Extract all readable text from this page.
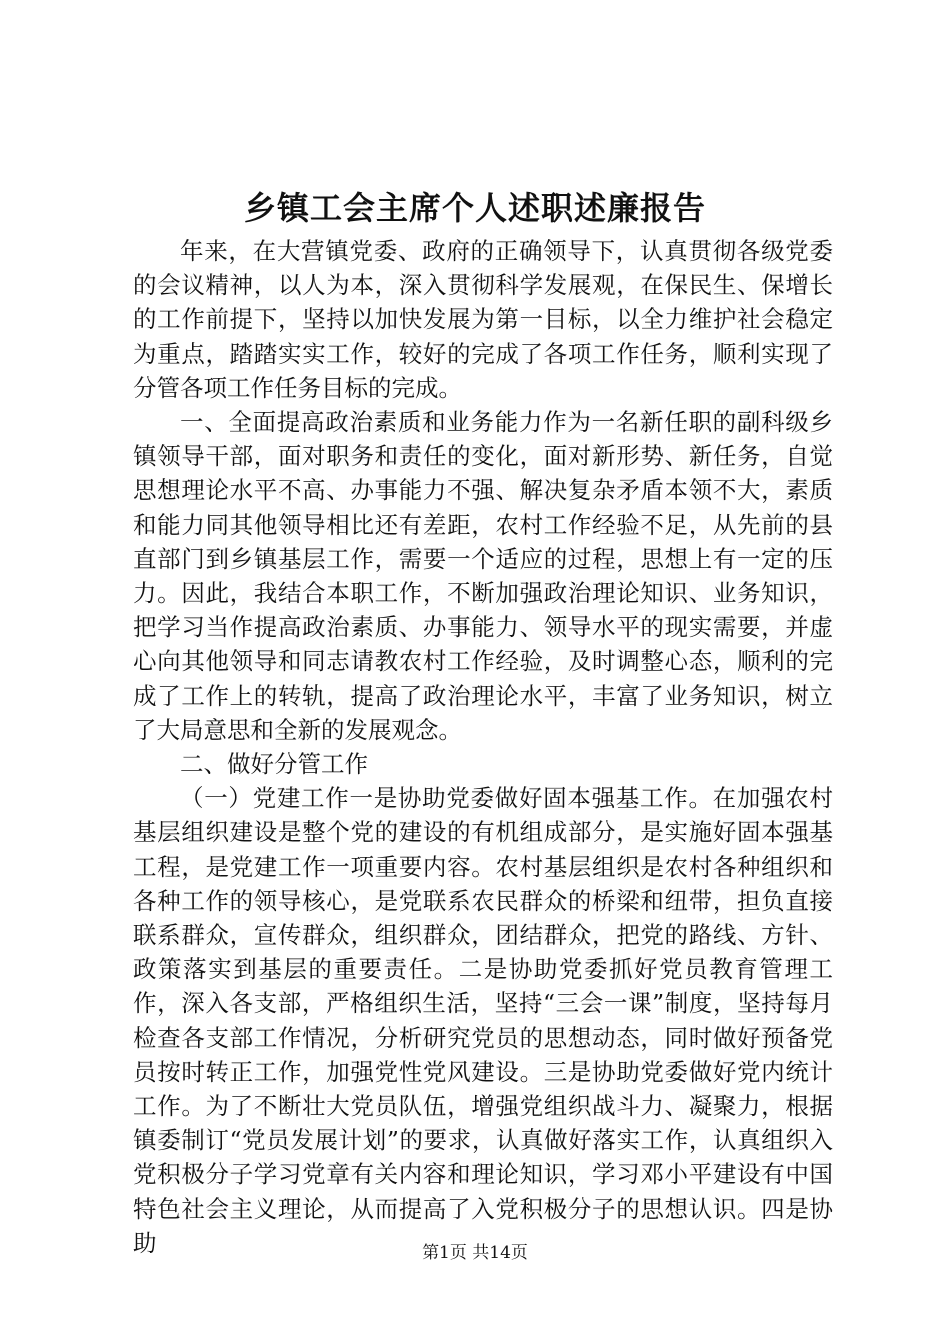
乡镇工会主席个人述职述廉报告

年来，在大营镇党委、政府的正确领导下，认真贯彻各级党委的会议精神，以人为本，深入贯彻科学发展观，在保民生、保增长的工作前提下，坚持以加快发展为第一目标，以全力维护社会稳定为重点，踏踏实实工作，较好的完成了各项工作任务，顺利实现了分管各项工作任务目标的完成。

一、全面提高政治素质和业务能力作为一名新任职的副科级乡镇领导干部，面对职务和责任的变化，面对新形势、新任务，自觉思想理论水平不高、办事能力不强、解决复杂矛盾本领不大，素质和能力同其他领导相比还有差距，农村工作经验不足，从先前的县直部门到乡镇基层工作，需要一个适应的过程，思想上有一定的压力。因此，我结合本职工作，不断加强政治理论知识、业务知识，把学习当作提高政治素质、办事能力、领导水平的现实需要，并虚心向其他领导和同志请教农村工作经验，及时调整心态，顺利的完成了工作上的转轨，提高了政治理论水平，丰富了业务知识，树立了大局意思和全新的发展观念。

二、做好分管工作

（一）党建工作一是协助党委做好固本强基工作。在加强农村基层组织建设是整个党的建设的有机组成部分，是实施好固本强基工程，是党建工作一项重要内容。农村基层组织是农村各种组织和各种工作的领导核心，是党联系农民群众的桥梁和纽带，担负直接联系群众，宣传群众，组织群众，团结群众，把党的路线、方针、政策落实到基层的重要责任。二是协助党委抓好党员教育管理工作，深入各支部，严格组织生活，坚持“三会一课”制度，坚持每月检查各支部工作情况，分析研究党员的思想动态，同时做好预备党员按时转正工作，加强党性党风建设。三是协助党委做好党内统计工作。为了不断壮大党员队伍，增强党组织战斗力、凝聚力，根据镇委制订“党员发展计划”的要求，认真做好落实工作，认真组织入党积极分子学习党章有关内容和理论知识，学习邓小平建设有中国特色社会主义理论，从而提高了入党积极分子的思想认识。四是协助	第1页 共14页
